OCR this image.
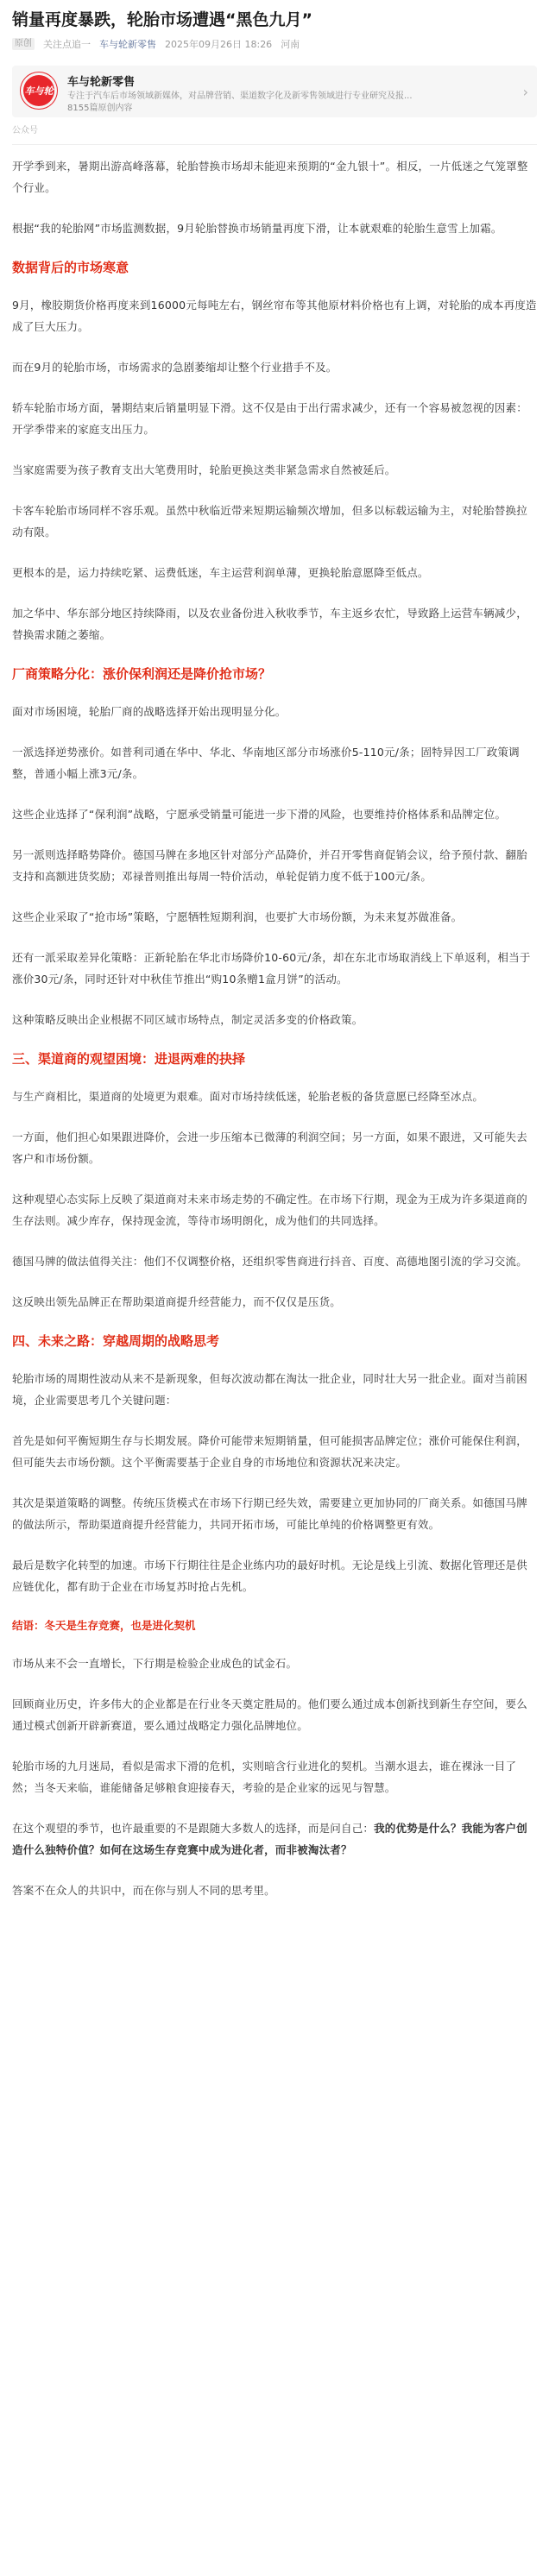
销量再度暴跌，轮胎市场遭遇“黑色九月”
原创 关注点追一 车与轮新零售 2025年09月26日 18:26 河南
车与轮
车与轮新零售
专注于汽车后市场领域新媒体，对品牌营销、渠道数字化及新零售领域进行专业研究及报...
8155篇原创内容
›
公众号

开学季到来，暑期出游高峰落幕，轮胎替换市场却未能迎来预期的“金九银十”。相反，一片低迷之气笼罩整个行业。

根据“我的轮胎网”市场监测数据，9月轮胎替换市场销量再度下滑，让本就艰难的轮胎生意雪上加霜。

数据背后的市场寒意

9月，橡胶期货价格再度来到16000元每吨左右，钢丝帘布等其他原材料价格也有上调，对轮胎的成本再度造成了巨大压力。

而在9月的轮胎市场，市场需求的急剧萎缩却让整个行业措手不及。

轿车轮胎市场方面，暑期结束后销量明显下滑。这不仅是由于出行需求减少，还有一个容易被忽视的因素：开学季带来的家庭支出压力。

当家庭需要为孩子教育支出大笔费用时，轮胎更换这类非紧急需求自然被延后。

卡客车轮胎市场同样不容乐观。虽然中秋临近带来短期运输频次增加，但多以标载运输为主，对轮胎替换拉动有限。

更根本的是，运力持续吃紧、运费低迷，车主运营利润单薄，更换轮胎意愿降至低点。

加之华中、华东部分地区持续降雨，以及农业备份进入秋收季节，车主返乡农忙，导致路上运营车辆减少，替换需求随之萎缩。

厂商策略分化：涨价保利润还是降价抢市场？

面对市场困境，轮胎厂商的战略选择开始出现明显分化。

一派选择逆势涨价。如普利司通在华中、华北、华南地区部分市场涨价5-110元/条；固特异因工厂政策调整，普通小幅上涨3元/条。

这些企业选择了“保利润”战略，宁愿承受销量可能进一步下滑的风险，也要维持价格体系和品牌定位。

另一派则选择略势降价。德国马牌在多地区针对部分产品降价，并召开零售商促销会议，给予预付款、翻胎支持和高额进货奖励；邓禄普则推出每周一特价活动，单轮促销力度不低于100元/条。

这些企业采取了“抢市场”策略，宁愿牺牲短期利润，也要扩大市场份额，为未来复苏做准备。

还有一派采取差异化策略：正新轮胎在华北市场降价10-60元/条，却在东北市场取消线上下单返利，相当于涨价30元/条，同时还针对中秋佳节推出“购10条赠1盒月饼”的活动。

这种策略反映出企业根据不同区域市场特点，制定灵活多变的价格政策。

三、渠道商的观望困境：进退两难的抉择

与生产商相比，渠道商的处境更为艰难。面对市场持续低迷，轮胎老板的备货意愿已经降至冰点。

一方面，他们担心如果跟进降价，会进一步压缩本已微薄的利润空间；另一方面，如果不跟进，又可能失去客户和市场份额。

这种观望心态实际上反映了渠道商对未来市场走势的不确定性。在市场下行期，现金为王成为许多渠道商的生存法则。减少库存，保持现金流，等待市场明朗化，成为他们的共同选择。

德国马牌的做法值得关注：他们不仅调整价格，还组织零售商进行抖音、百度、高德地图引流的学习交流。

这反映出领先品牌正在帮助渠道商提升经营能力，而不仅仅是压货。

四、未来之路：穿越周期的战略思考

轮胎市场的周期性波动从来不是新现象，但每次波动都在淘汰一批企业，同时壮大另一批企业。面对当前困境，企业需要思考几个关键问题：

首先是如何平衡短期生存与长期发展。降价可能带来短期销量，但可能损害品牌定位；涨价可能保住利润，但可能失去市场份额。这个平衡需要基于企业自身的市场地位和资源状况来决定。

其次是渠道策略的调整。传统压货模式在市场下行期已经失效，需要建立更加协同的厂商关系。如德国马牌的做法所示，帮助渠道商提升经营能力，共同开拓市场，可能比单纯的价格调整更有效。

最后是数字化转型的加速。市场下行期往往是企业练内功的最好时机。无论是线上引流、数据化管理还是供应链优化，都有助于企业在市场复苏时抢占先机。

结语：冬天是生存竞赛，也是进化契机

市场从来不会一直增长，下行期是检验企业成色的试金石。

回顾商业历史，许多伟大的企业都是在行业冬天奠定胜局的。他们要么通过成本创新找到新生存空间，要么通过模式创新开辟新赛道，要么通过战略定力强化品牌地位。

轮胎市场的九月迷局，看似是需求下滑的危机，实则暗含行业进化的契机。当潮水退去，谁在裸泳一目了然；当冬天来临，谁能储备足够粮食迎接春天，考验的是企业家的远见与智慧。

在这个观望的季节，也许最重要的不是跟随大多数人的选择，而是问自己：我的优势是什么？我能为客户创造什么独特价值？如何在这场生存竞赛中成为进化者，而非被淘汰者？

答案不在众人的共识中，而在你与别人不同的思考里。
